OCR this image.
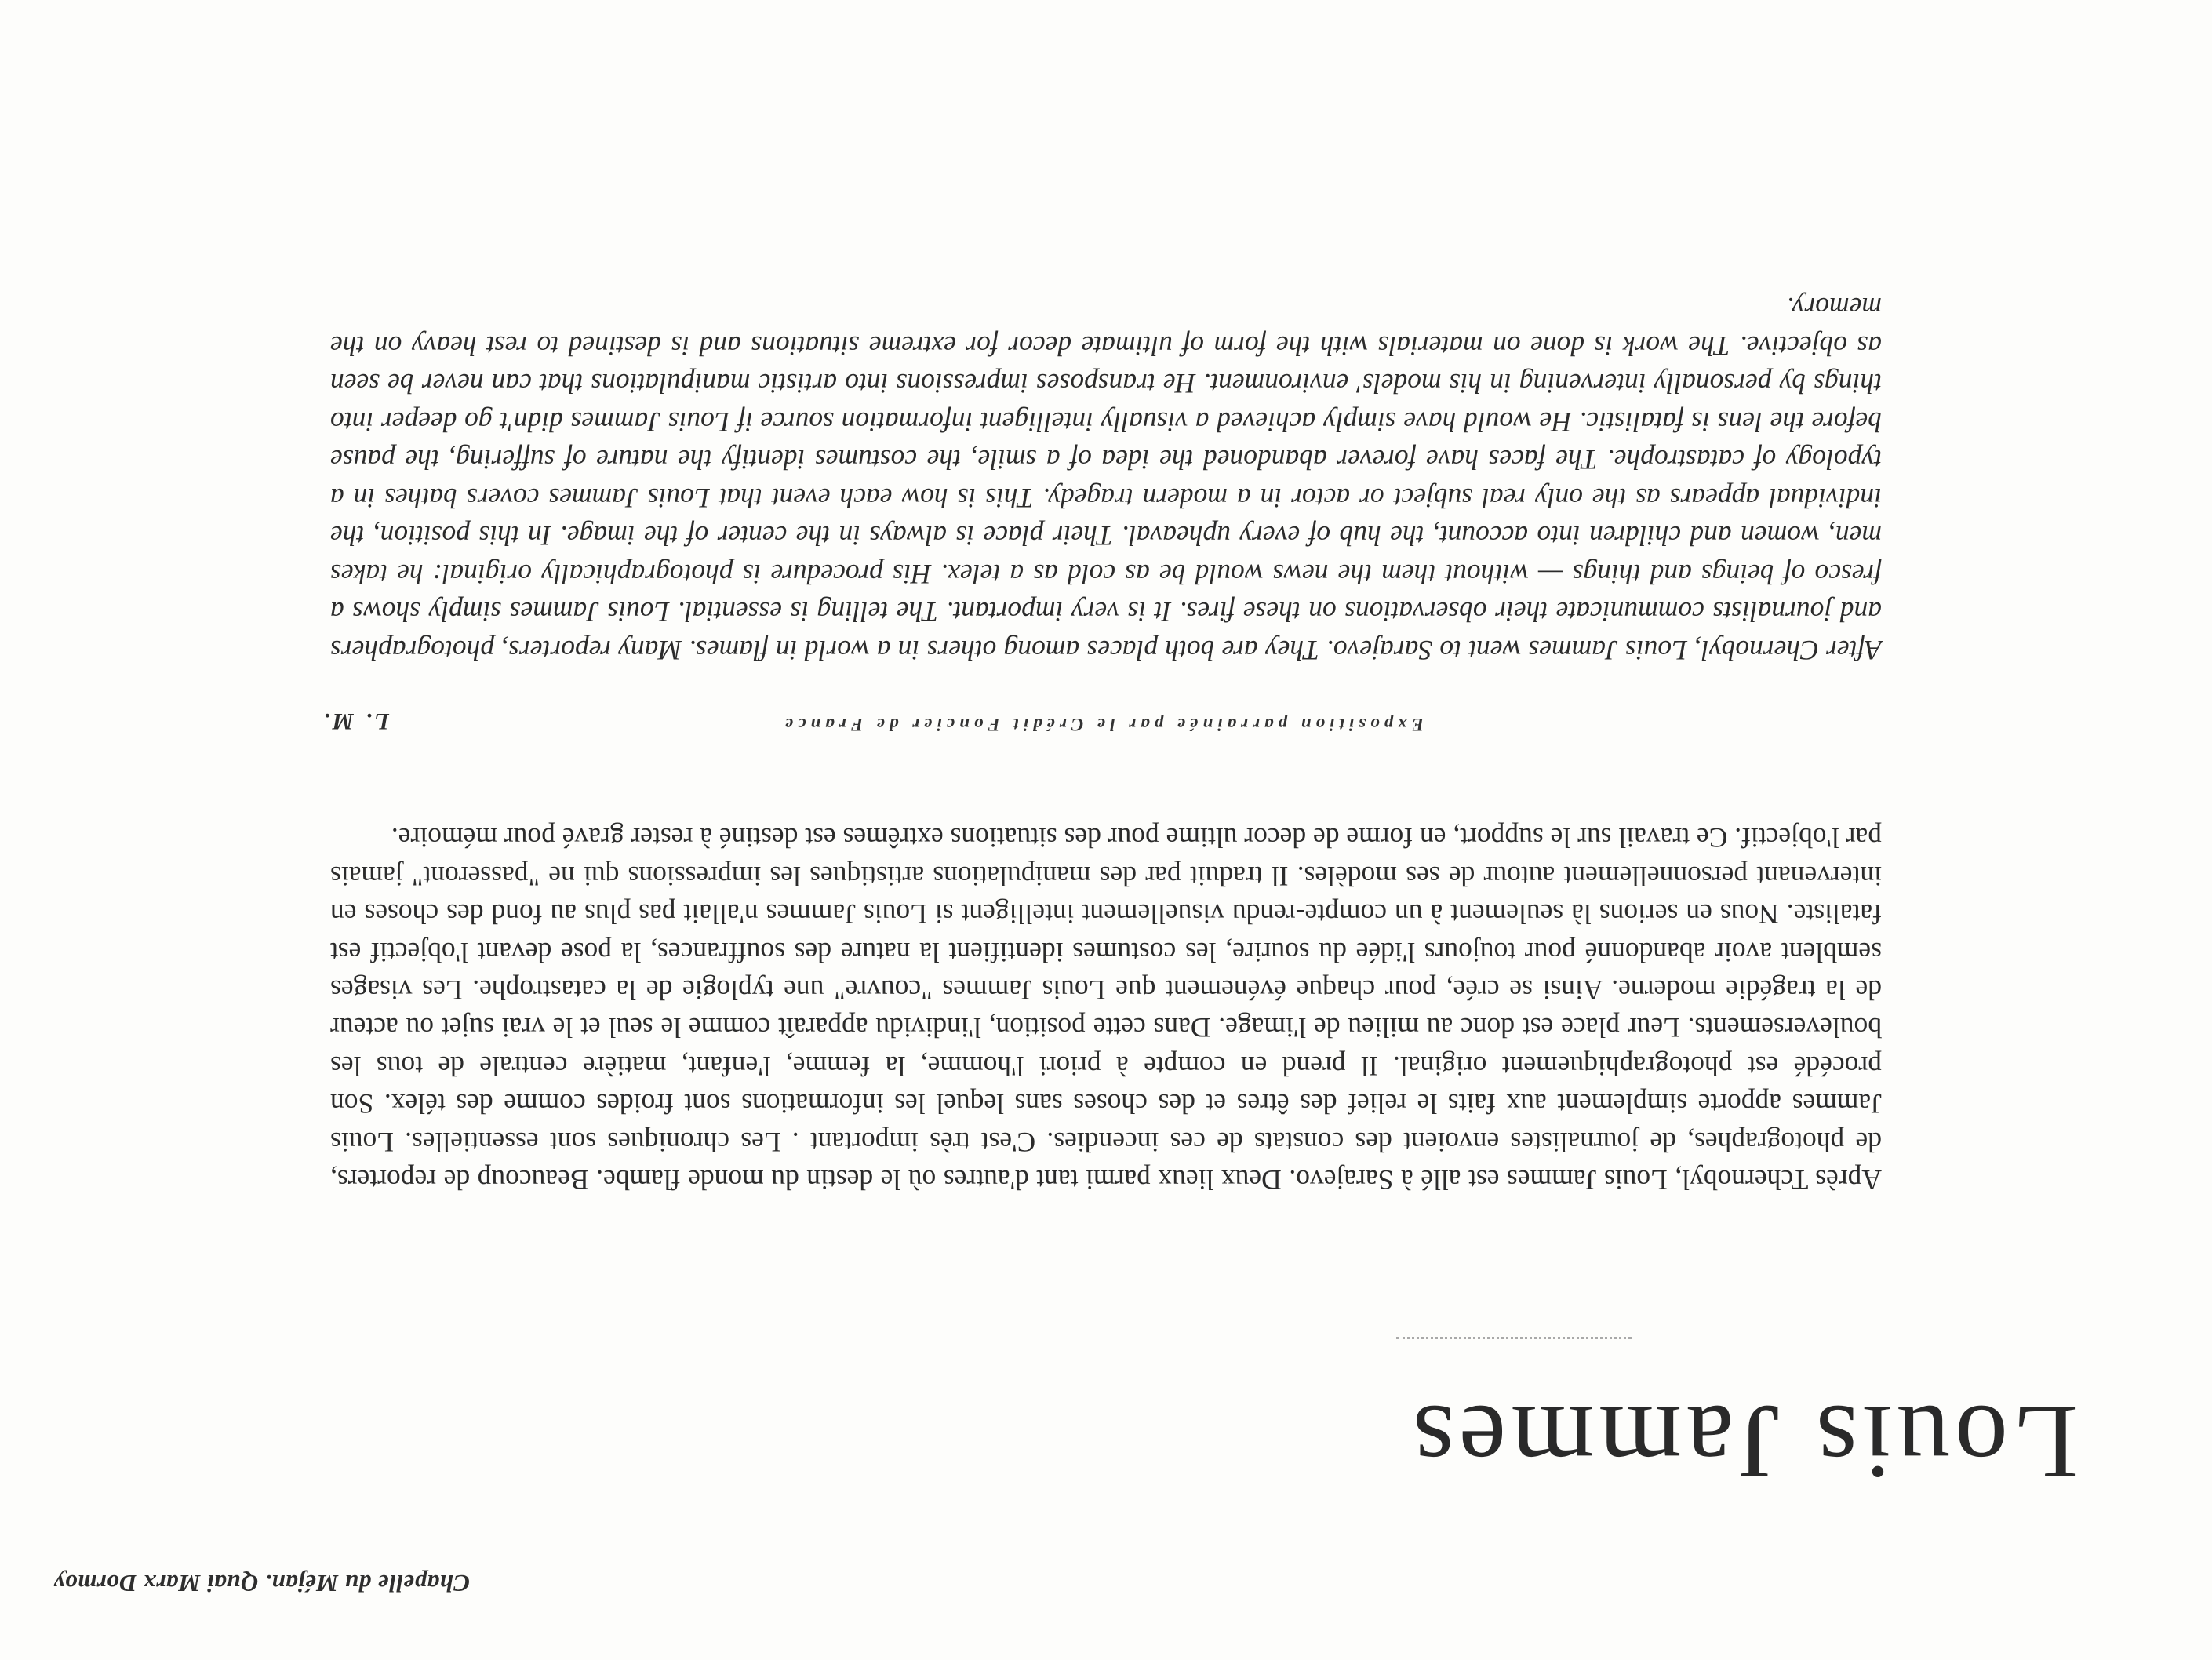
Chapelle du Méjan. Quai Marx Dormoy
Louis Jammes

Après Tchernobyl, Louis Jammes est allé à Sarajevo. Deux lieux parmi tant d'autres où le destin du monde flambe. Beaucoup de reporters, de photographes, de journalistes envoient des constats de ces incendies. C'est très important . Les chroniques sont essentielles. Louis Jammes apporte simplement aux faits le relief des êtres et des choses sans lequel les informations sont froides comme des télex. Son procédé est photographiquement original. Il prend en compte à priori l'homme, la femme, l'enfant, matière centrale de tous les bouleversements. Leur place est donc au milieu de l'image. Dans cette position, l'individu apparaît comme le seul et le vrai sujet ou acteur de la tragédie moderne. Ainsi se crée, pour chaque événement que Louis Jammes "couvre" une typlogie de la catastrophe. Les visages semblent avoir abandonné pour toujours l'idée du sourire, les costumes identifient la nature des souffrances, la pose devant l'objectif est fataliste. Nous en serions là seulement à un compte-rendu visuellement intelligent si Louis Jammes n'allait pas plus au fond des choses en intervenant personnellement autour de ses modèles. Il traduit par des manipulations artistiques les impressions qui ne "passeront" jamais par l'objectif. Ce travail sur le support, en forme de decor ultime pour des situations extrêmes est destiné à rester gravé pour mémoire.

Exposition parrainée par le Crédit Foncier de France
L. M.

After Chernobyl, Louis Jammes went to Sarajevo. They are both places among others in a world in flames. Many reporters, photographers and journalists communicate their observations on these fires. It is very important. The telling is essential. Louis Jammes simply shows a fresco of beings and things — without them the news would be as cold as a telex. His procedure is photographically original: he takes men, women and children into account, the hub of every upheaval. Their place is always in the center of the image. In this position, the individual appears as the only real subject or actor in a modern tragedy. This is how each event that Louis Jammes covers bathes in a typology of catastrophe. The faces have forever abandoned the idea of a smile, the costumes identify the nature of suffering, the pause before the lens is fatalistic. He would have simply achieved a visually intelligent information source if Louis Jammes didn't go deeper into things by personally intervening in his models' environment. He transposes impressions into artistic manipulations that can never be seen as objective. The work is done on materials with the form of ultimate decor for extreme situations and is destined to rest heavy on the memory.
